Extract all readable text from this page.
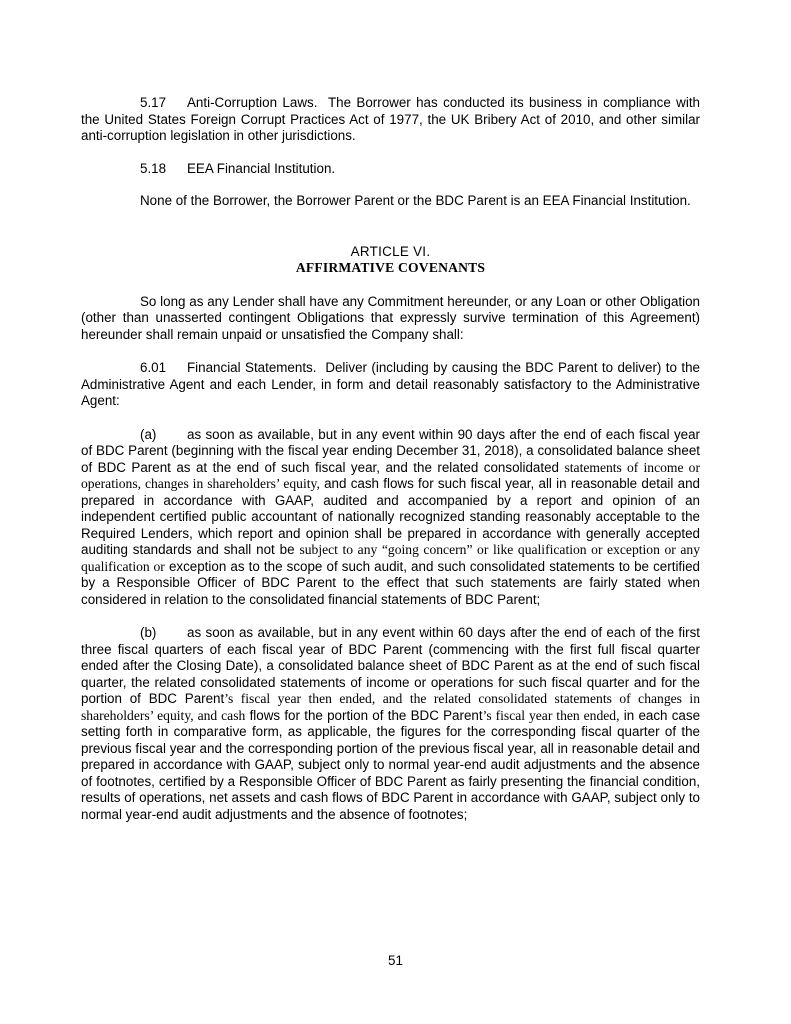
5.17 Anti-Corruption Laws. The Borrower has conducted its business in compliance with the United States Foreign Corrupt Practices Act of 1977, the UK Bribery Act of 2010, and other similar anti-corruption legislation in other jurisdictions.

5.18 EEA Financial Institution.

None of the Borrower, the Borrower Parent or the BDC Parent is an EEA Financial Institution.

ARTICLE VI.

AFFIRMATIVE COVENANTS

So long as any Lender shall have any Commitment hereunder, or any Loan or other Obligation (other than unasserted contingent Obligations that expressly survive termination of this Agreement) hereunder shall remain unpaid or unsatisfied the Company shall:

6.01 Financial Statements. Deliver (including by causing the BDC Parent to deliver) to the Administrative Agent and each Lender, in form and detail reasonably satisfactory to the Administrative Agent:

(a) as soon as available, but in any event within 90 days after the end of each fiscal year of BDC Parent (beginning with the fiscal year ending December 31, 2018), a consolidated balance sheet of BDC Parent as at the end of such fiscal year, and the related consolidated statements of income or operations, changes in shareholders’ equity, and cash flows for such fiscal year, all in reasonable detail and prepared in accordance with GAAP, audited and accompanied by a report and opinion of an independent certified public accountant of nationally recognized standing reasonably acceptable to the Required Lenders, which report and opinion shall be prepared in accordance with generally accepted auditing standards and shall not be subject to any “going concern” or like qualification or exception or any qualification or exception as to the scope of such audit, and such consolidated statements to be certified by a Responsible Officer of BDC Parent to the effect that such statements are fairly stated when considered in relation to the consolidated financial statements of BDC Parent;

(b) as soon as available, but in any event within 60 days after the end of each of the first three fiscal quarters of each fiscal year of BDC Parent (commencing with the first full fiscal quarter ended after the Closing Date), a consolidated balance sheet of BDC Parent as at the end of such fiscal quarter, the related consolidated statements of income or operations for such fiscal quarter and for the portion of BDC Parent’s fiscal year then ended, and the related consolidated statements of changes in shareholders’ equity, and cash flows for the portion of the BDC Parent’s fiscal year then ended, in each case setting forth in comparative form, as applicable, the figures for the corresponding fiscal quarter of the previous fiscal year and the corresponding portion of the previous fiscal year, all in reasonable detail and prepared in accordance with GAAP, subject only to normal year-end audit adjustments and the absence of footnotes, certified by a Responsible Officer of BDC Parent as fairly presenting the financial condition, results of operations, net assets and cash flows of BDC Parent in accordance with GAAP, subject only to normal year-end audit adjustments and the absence of footnotes;

51
